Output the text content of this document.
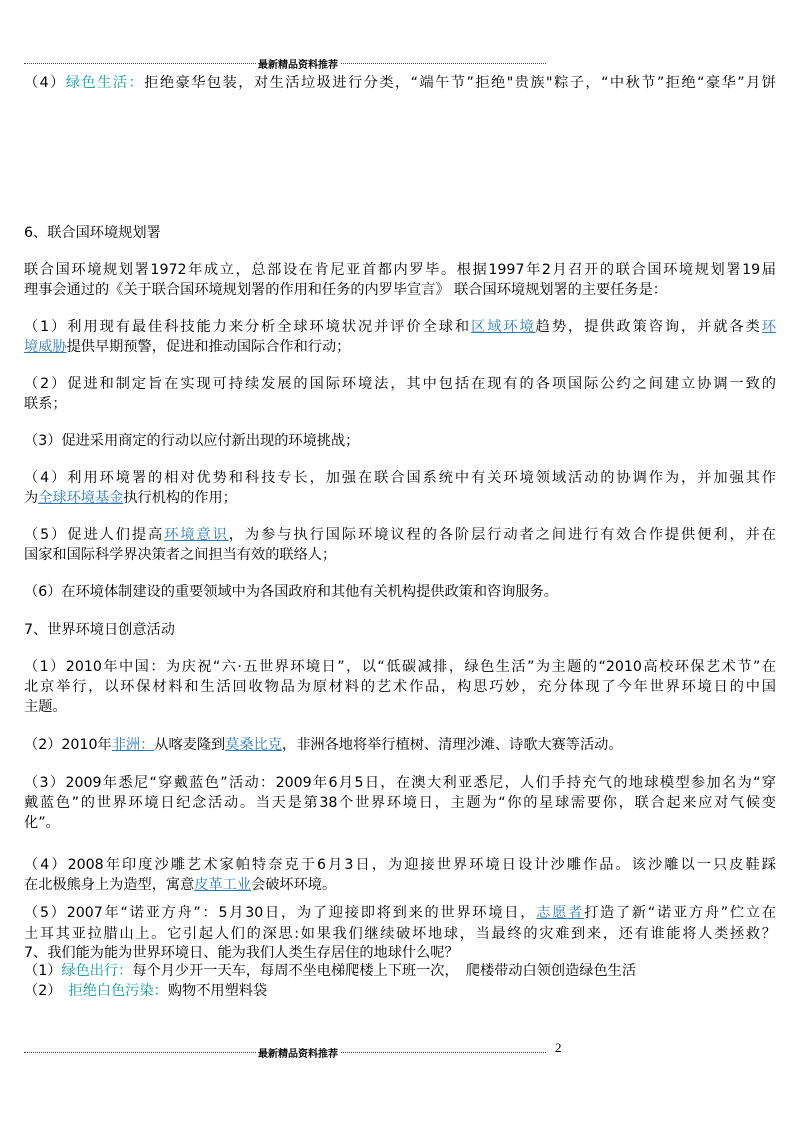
最新精品资料推荐
（4）绿色生活：拒绝豪华包装，对生活垃圾进行分类，“端午节”拒绝"贵族"粽子，“中秋节”拒绝“豪华”月饼
6、联合国环境规划署
联合国环境规划署1972年成立，总部设在肯尼亚首都内罗毕。根据1997年2月召开的联合国环境规划署19届
理事会通过的《关于联合国环境规划署的作用和任务的内罗毕宣言》 联合国环境规划署的主要任务是：
（1）利用现有最佳科技能力来分析全球环境状况并评价全球和区域环境趋势，提供政策咨询，并就各类环
境威胁提供早期预警，促进和推动国际合作和行动；
（2）促进和制定旨在实现可持续发展的国际环境法，其中包括在现有的各项国际公约之间建立协调一致的
联系；
（3）促进采用商定的行动以应付新出现的环境挑战；
（4）利用环境署的相对优势和科技专长，加强在联合国系统中有关环境领域活动的协调作为，并加强其作
为全球环境基金执行机构的作用；
（5）促进人们提高环境意识，为参与执行国际环境议程的各阶层行动者之间进行有效合作提供便利，并在
国家和国际科学界决策者之间担当有效的联络人；
（6）在环境体制建设的重要领域中为各国政府和其他有关机构提供政策和咨询服务。
7、世界环境日创意活动
（1）2010年中国：为庆祝“六·五世界环境日”，以“低碳减排，绿色生活”为主题的“2010高校环保艺术节”在
北京举行，以环保材料和生活回收物品为原材料的艺术作品，构思巧妙，充分体现了今年世界环境日的中国
主题。
（2）2010年非洲：从喀麦隆到莫桑比克，非洲各地将举行植树、清理沙滩、诗歌大赛等活动。
（3）2009年悉尼“穿戴蓝色”活动：2009年6月5日，在澳大利亚悉尼，人们手持充气的地球模型参加名为“穿
戴蓝色”的世界环境日纪念活动。当天是第38个世界环境日，主题为“你的星球需要你，联合起来应对气候变
化”。
（4）2008年印度沙雕艺术家帕特奈克于6月3日，为迎接世界环境日设计沙雕作品。该沙雕以一只皮鞋踩
在北极熊身上为造型，寓意皮革工业会破坏环境。
（5）2007年“诺亚方舟”：5月30日，为了迎接即将到来的世界环境日，志愿者打造了新“诺亚方舟”伫立在
土耳其亚拉腊山上。它引起人们的深思:如果我们继续破坏地球，当最终的灾难到来，还有谁能将人类拯救？
7、我们能为能为世界环境日、能为我们人类生存居住的地球什么呢？
（1）绿色出行：每个月少开一天车，每周不坐电梯爬楼上下班一次，　爬楼带动白领创造绿色生活
（2）　拒绝白色污染：购物不用塑料袋
最新精品资料推荐	2
